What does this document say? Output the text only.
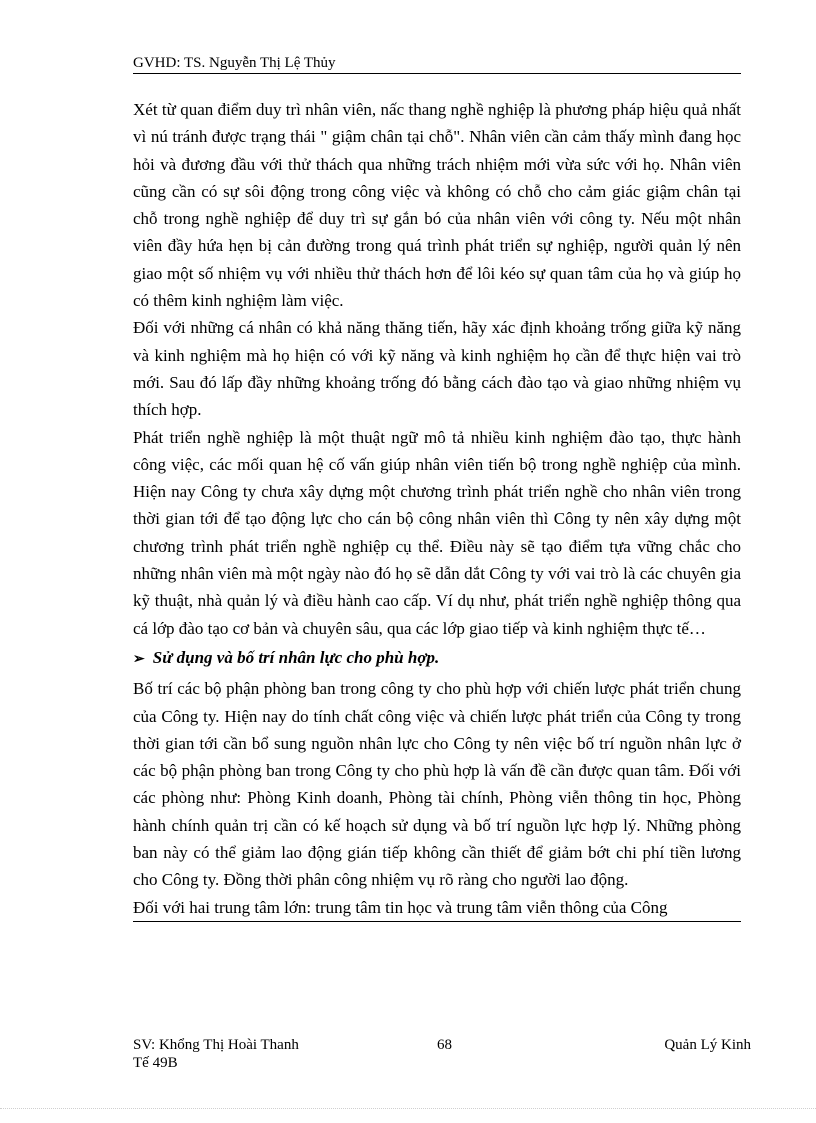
GVHD: TS. Nguyễn Thị Lệ Thủy

Xét từ quan điểm duy trì nhân viên, nấc thang nghề nghiệp là phương pháp hiệu quả nhất vì nú tránh được trạng thái " giậm chân tại chỗ". Nhân viên cần cảm thấy mình đang học hỏi và đương đầu với thử thách qua những trách nhiệm mới vừa sức với họ. Nhân viên cũng cần có sự sôi động trong công việc và không có chỗ cho cảm giác giậm chân tại chỗ trong nghề nghiệp để duy trì sự gắn bó của nhân viên với công ty. Nếu một nhân viên đầy hứa hẹn bị cản đường trong quá trình phát triển sự nghiệp, người quản lý nên giao một số nhiệm vụ với nhiều thử thách hơn để lôi kéo sự quan tâm của họ và giúp họ có thêm kinh nghiệm làm việc.

Đối với những cá nhân có khả năng thăng tiến, hãy xác định khoảng trống giữa kỹ năng và kinh nghiệm mà họ hiện có với kỹ năng và kinh nghiệm họ cần để thực hiện vai trò mới. Sau đó lấp đầy những khoảng trống đó bằng cách đào tạo và giao những nhiệm vụ thích hợp.

Phát triển nghề nghiệp là một thuật ngữ mô tả nhiều kinh nghiệm đào tạo, thực hành công việc, các mối quan hệ cố vấn giúp nhân viên tiến bộ trong nghề nghiệp của mình. Hiện nay Công ty chưa xây dựng một chương trình phát triển nghề cho nhân viên trong thời gian tới để tạo động lực cho cán bộ công nhân viên thì Công ty nên xây dựng một chương trình phát triển nghề nghiệp cụ thể. Điều này sẽ tạo điểm tựa vững chắc cho những nhân viên mà một ngày nào đó họ sẽ dẫn dắt Công ty với vai trò là các chuyên gia kỹ thuật, nhà quản lý và điều hành cao cấp. Ví dụ như, phát triển nghề nghiệp thông qua cá lớp đào tạo cơ bản và chuyên sâu, qua các lớp giao tiếp và kinh nghiệm thực tế…

➢ Sử dụng và bố trí nhân lực cho phù hợp.

Bố trí các bộ phận phòng ban trong công ty cho phù hợp với chiến lược phát triển chung của Công ty. Hiện nay do tính chất công việc và chiến lược phát triển của Công ty trong thời gian tới cần bổ sung nguồn nhân lực cho Công ty nên việc bố trí nguồn nhân lực ở các bộ phận phòng ban trong Công ty cho phù hợp là vấn đề cần được quan tâm. Đối với các phòng như: Phòng Kinh doanh, Phòng tài chính, Phòng viễn thông tin học, Phòng hành chính quản trị cần có kế hoạch sử dụng và bố trí nguồn lực hợp lý. Những phòng ban này có thể giảm lao động gián tiếp không cần thiết để giảm bớt chi phí tiền lương cho Công ty. Đồng thời phân công nhiệm vụ rõ ràng cho người lao động.

Đối với hai trung tâm lớn: trung tâm tin học và trung tâm viễn thông của Công

SV: Khổng Thị Hoài Thanh
Tế 49B
68	Quản Lý Kinh
